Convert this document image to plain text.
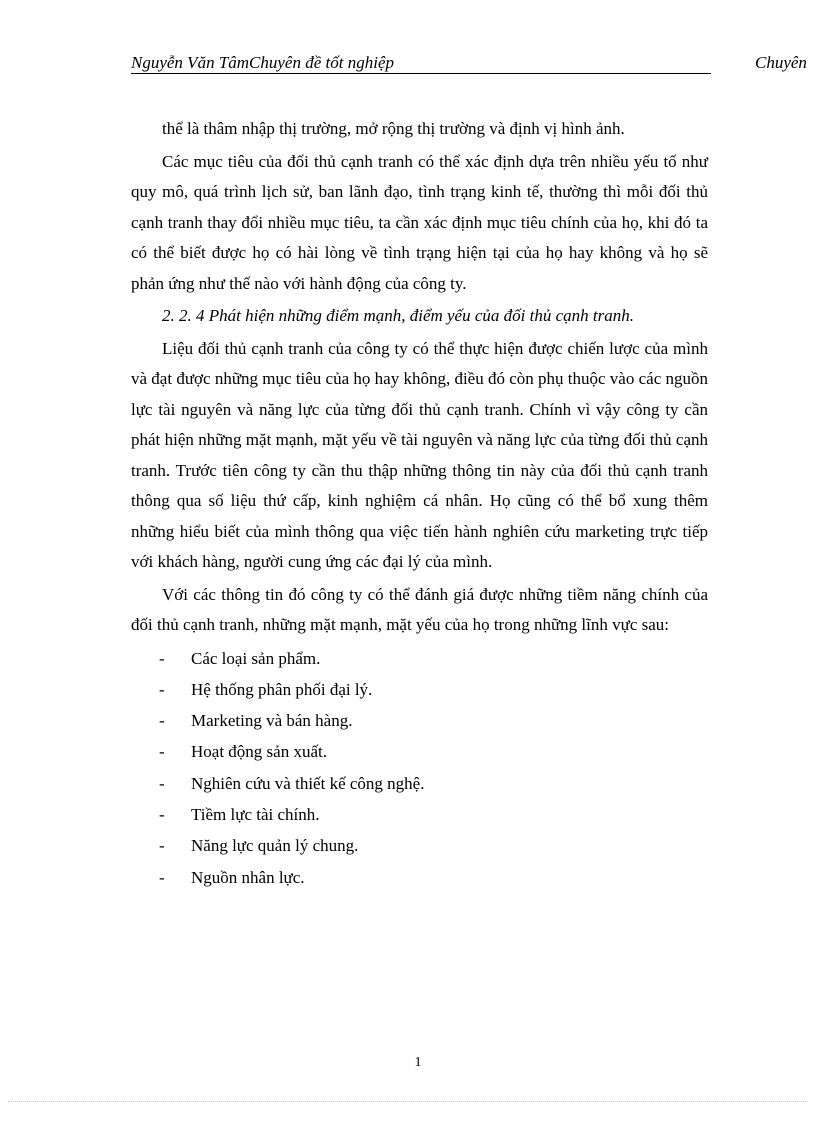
Nguyễn Văn TâmChuyên đề tốt nghiệp	Chuyên

thể là thâm nhập thị trường, mở rộng thị trường và định vị hình ảnh.

Các mục tiêu của đối thủ cạnh tranh có thể xác định dựa trên nhiều yếu tố như quy mô, quá trình lịch sử, ban lãnh đạo, tình trạng kinh tế, thường thì mỗi đối thủ cạnh tranh thay đổi nhiều mục tiêu, ta cần xác định mục tiêu chính của họ, khi đó ta có thể biết được họ có hài lòng về tình trạng hiện tại của họ hay không và họ sẽ phản ứng như thế nào với hành động của công ty.

2. 2. 4 Phát hiện những điểm mạnh, điểm yếu của đối thủ cạnh tranh.

Liệu đối thủ cạnh tranh của công ty có thể thực hiện được chiến lược của mình và đạt được những mục tiêu của họ hay không, điều đó còn phụ thuộc vào các nguồn lực tài nguyên và năng lực của từng đối thủ cạnh tranh. Chính vì vậy công ty cần phát hiện những mặt mạnh, mặt yếu về tài nguyên và năng lực của từng đối thủ cạnh tranh. Trước tiên công ty cần thu thập những thông tin này của đối thủ cạnh tranh thông qua số liệu thứ cấp, kinh nghiệm cá nhân. Họ cũng có thể bổ xung thêm những hiểu biết của mình thông qua việc tiến hành nghiên cứu marketing trực tiếp với khách hàng, người cung ứng các đại lý của mình.

Với các thông tin đó công ty có thể đánh giá được những tiềm năng chính của đối thủ cạnh tranh, những mặt mạnh, mặt yếu của họ trong những lĩnh vực sau:

- Các loại sản phẩm.
- Hệ thống phân phối đại lý.
- Marketing và bán hàng.
- Hoạt động sản xuất.
- Nghiên cứu và thiết kế công nghệ.
- Tiềm lực tài chính.
- Năng lực quản lý chung.
- Nguồn nhân lực.
1
